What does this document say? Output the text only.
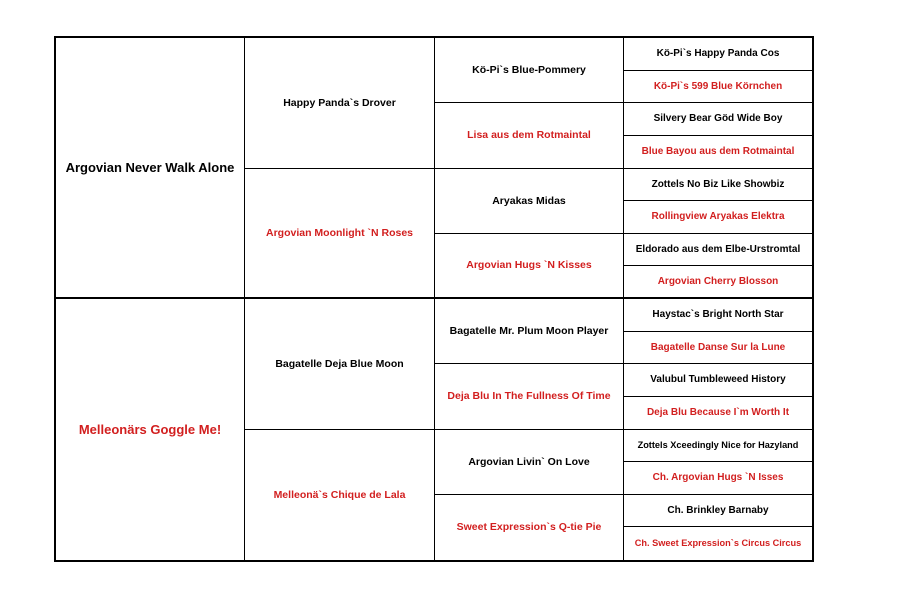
Argovian Never Walk Alone
Melleonärs Goggle Me!
Happy Panda`s Drover
Argovian Moonlight `N Roses
Bagatelle Deja Blue Moon
Melleonä`s Chique de Lala
Kö-Pi`s Blue-Pommery
Lisa aus dem Rotmaintal
Aryakas Midas
Argovian Hugs `N Kisses
Bagatelle Mr. Plum Moon Player
Deja Blu In The Fullness Of Time
Argovian Livin` On Love
Sweet Expression`s Q-tie Pie
Kö-Pi`s Happy Panda Cos
Kö-Pi`s 599 Blue Körnchen
Silvery Bear Göd Wide Boy
Blue Bayou aus dem Rotmaintal
Zottels No Biz Like Showbiz
Rollingview Aryakas Elektra
Eldorado aus dem Elbe-Urstromtal
Argovian Cherry Blosson
Haystac`s Bright North Star
Bagatelle Danse Sur la Lune
Valubul Tumbleweed History
Deja Blu Because I`m Worth It
Zottels Xceedingly Nice for Hazyland
Ch. Argovian Hugs `N Isses
Ch. Brinkley Barnaby
Ch. Sweet Expression`s Circus Circus
